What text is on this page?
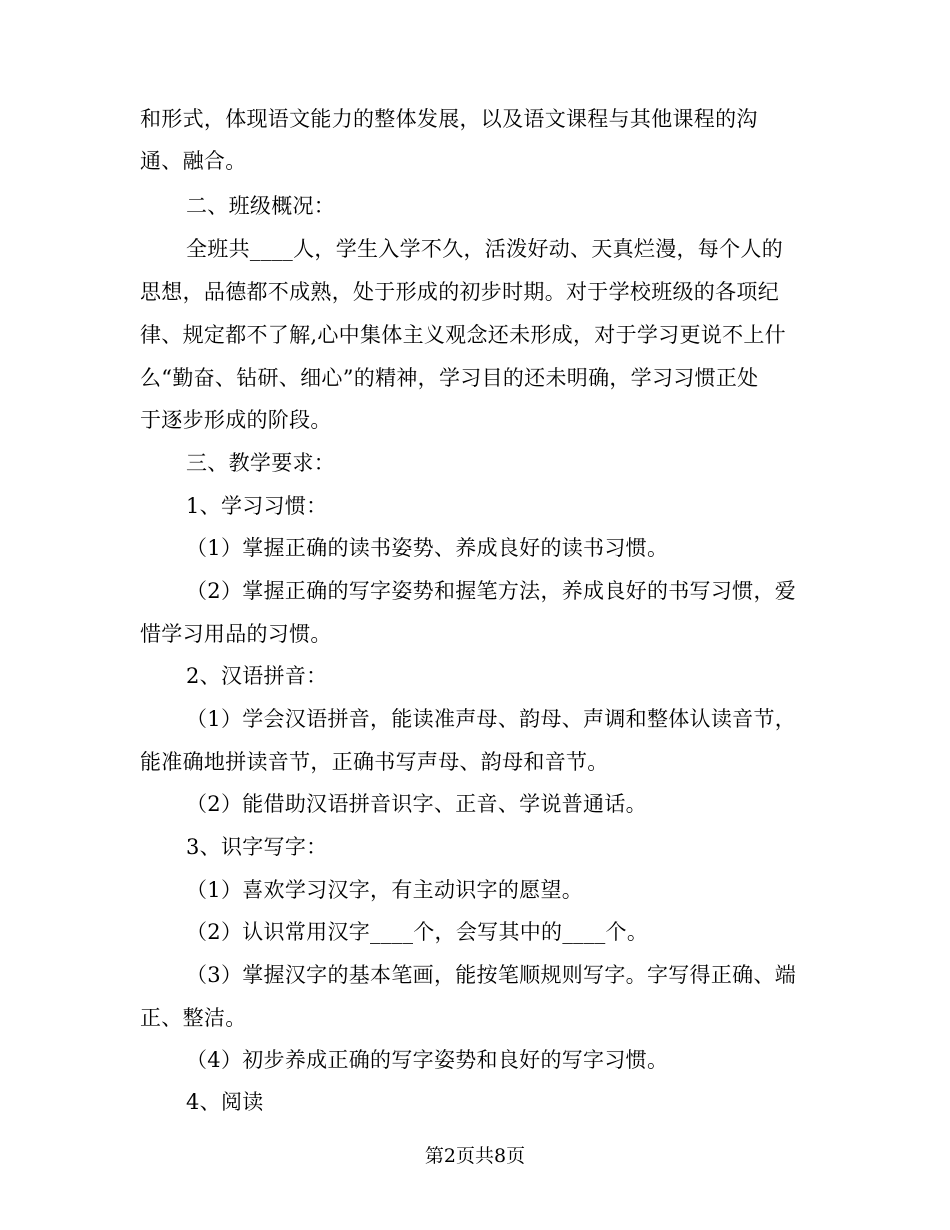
和形式，体现语文能力的整体发展，以及语文课程与其他课程的沟
通、融合。
二、班级概况：
全班共____人，学生入学不久，活泼好动、天真烂漫，每个人的
思想，品德都不成熟，处于形成的初步时期。对于学校班级的各项纪
律、规定都不了解,心中集体主义观念还未形成，对于学习更说不上什
么“勤奋、钻研、细心”的精神，学习目的还未明确，学习习惯正处
于逐步形成的阶段。
三、教学要求：
1、学习习惯：
（1）掌握正确的读书姿势、养成良好的读书习惯。
（2）掌握正确的写字姿势和握笔方法，养成良好的书写习惯，爱
惜学习用品的习惯。
2、汉语拼音：
（1）学会汉语拼音，能读准声母、韵母、声调和整体认读音节，
能准确地拼读音节，正确书写声母、韵母和音节。
（2）能借助汉语拼音识字、正音、学说普通话。
3、识字写字：
（1）喜欢学习汉字，有主动识字的愿望。
（2）认识常用汉字____个，会写其中的____个。
（3）掌握汉字的基本笔画，能按笔顺规则写字。字写得正确、端
正、整洁。
（4）初步养成正确的写字姿势和良好的写字习惯。
4、阅读
第2页共8页
